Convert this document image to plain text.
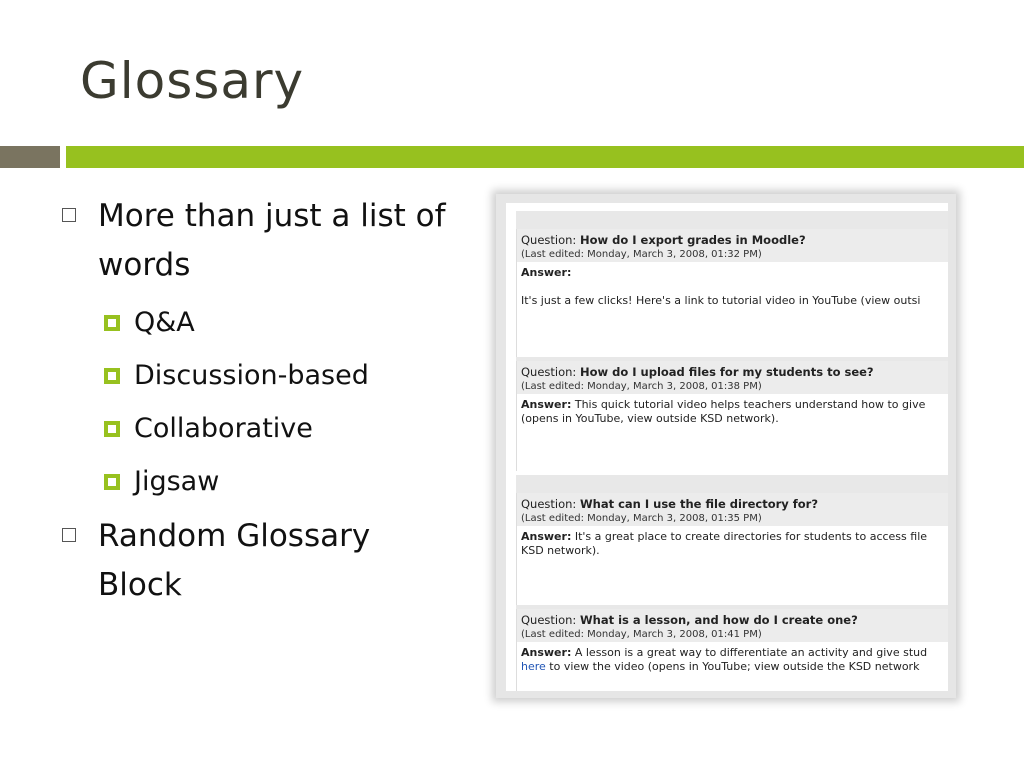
Glossary
More than just a list of words
Q&A
Discussion-based
Collaborative
Jigsaw
Random Glossary Block
Question: How do I export grades in Moodle?
(Last edited: Monday, March 3, 2008, 01:32 PM)
Answer:
It's just a few clicks! Here's a link to tutorial video in YouTube (view outsi
Question: How do I upload files for my students to see?
(Last edited: Monday, March 3, 2008, 01:38 PM)
Answer: This quick tutorial video helps teachers understand how to give
(opens in YouTube, view outside KSD network).
Question: What can I use the file directory for?
(Last edited: Monday, March 3, 2008, 01:35 PM)
Answer: It's a great place to create directories for students to access file
KSD network).
Question: What is a lesson, and how do I create one?
(Last edited: Monday, March 3, 2008, 01:41 PM)
Answer: A lesson is a great way to differentiate an activity and give stud
here to view the video (opens in YouTube; view outside the KSD network
